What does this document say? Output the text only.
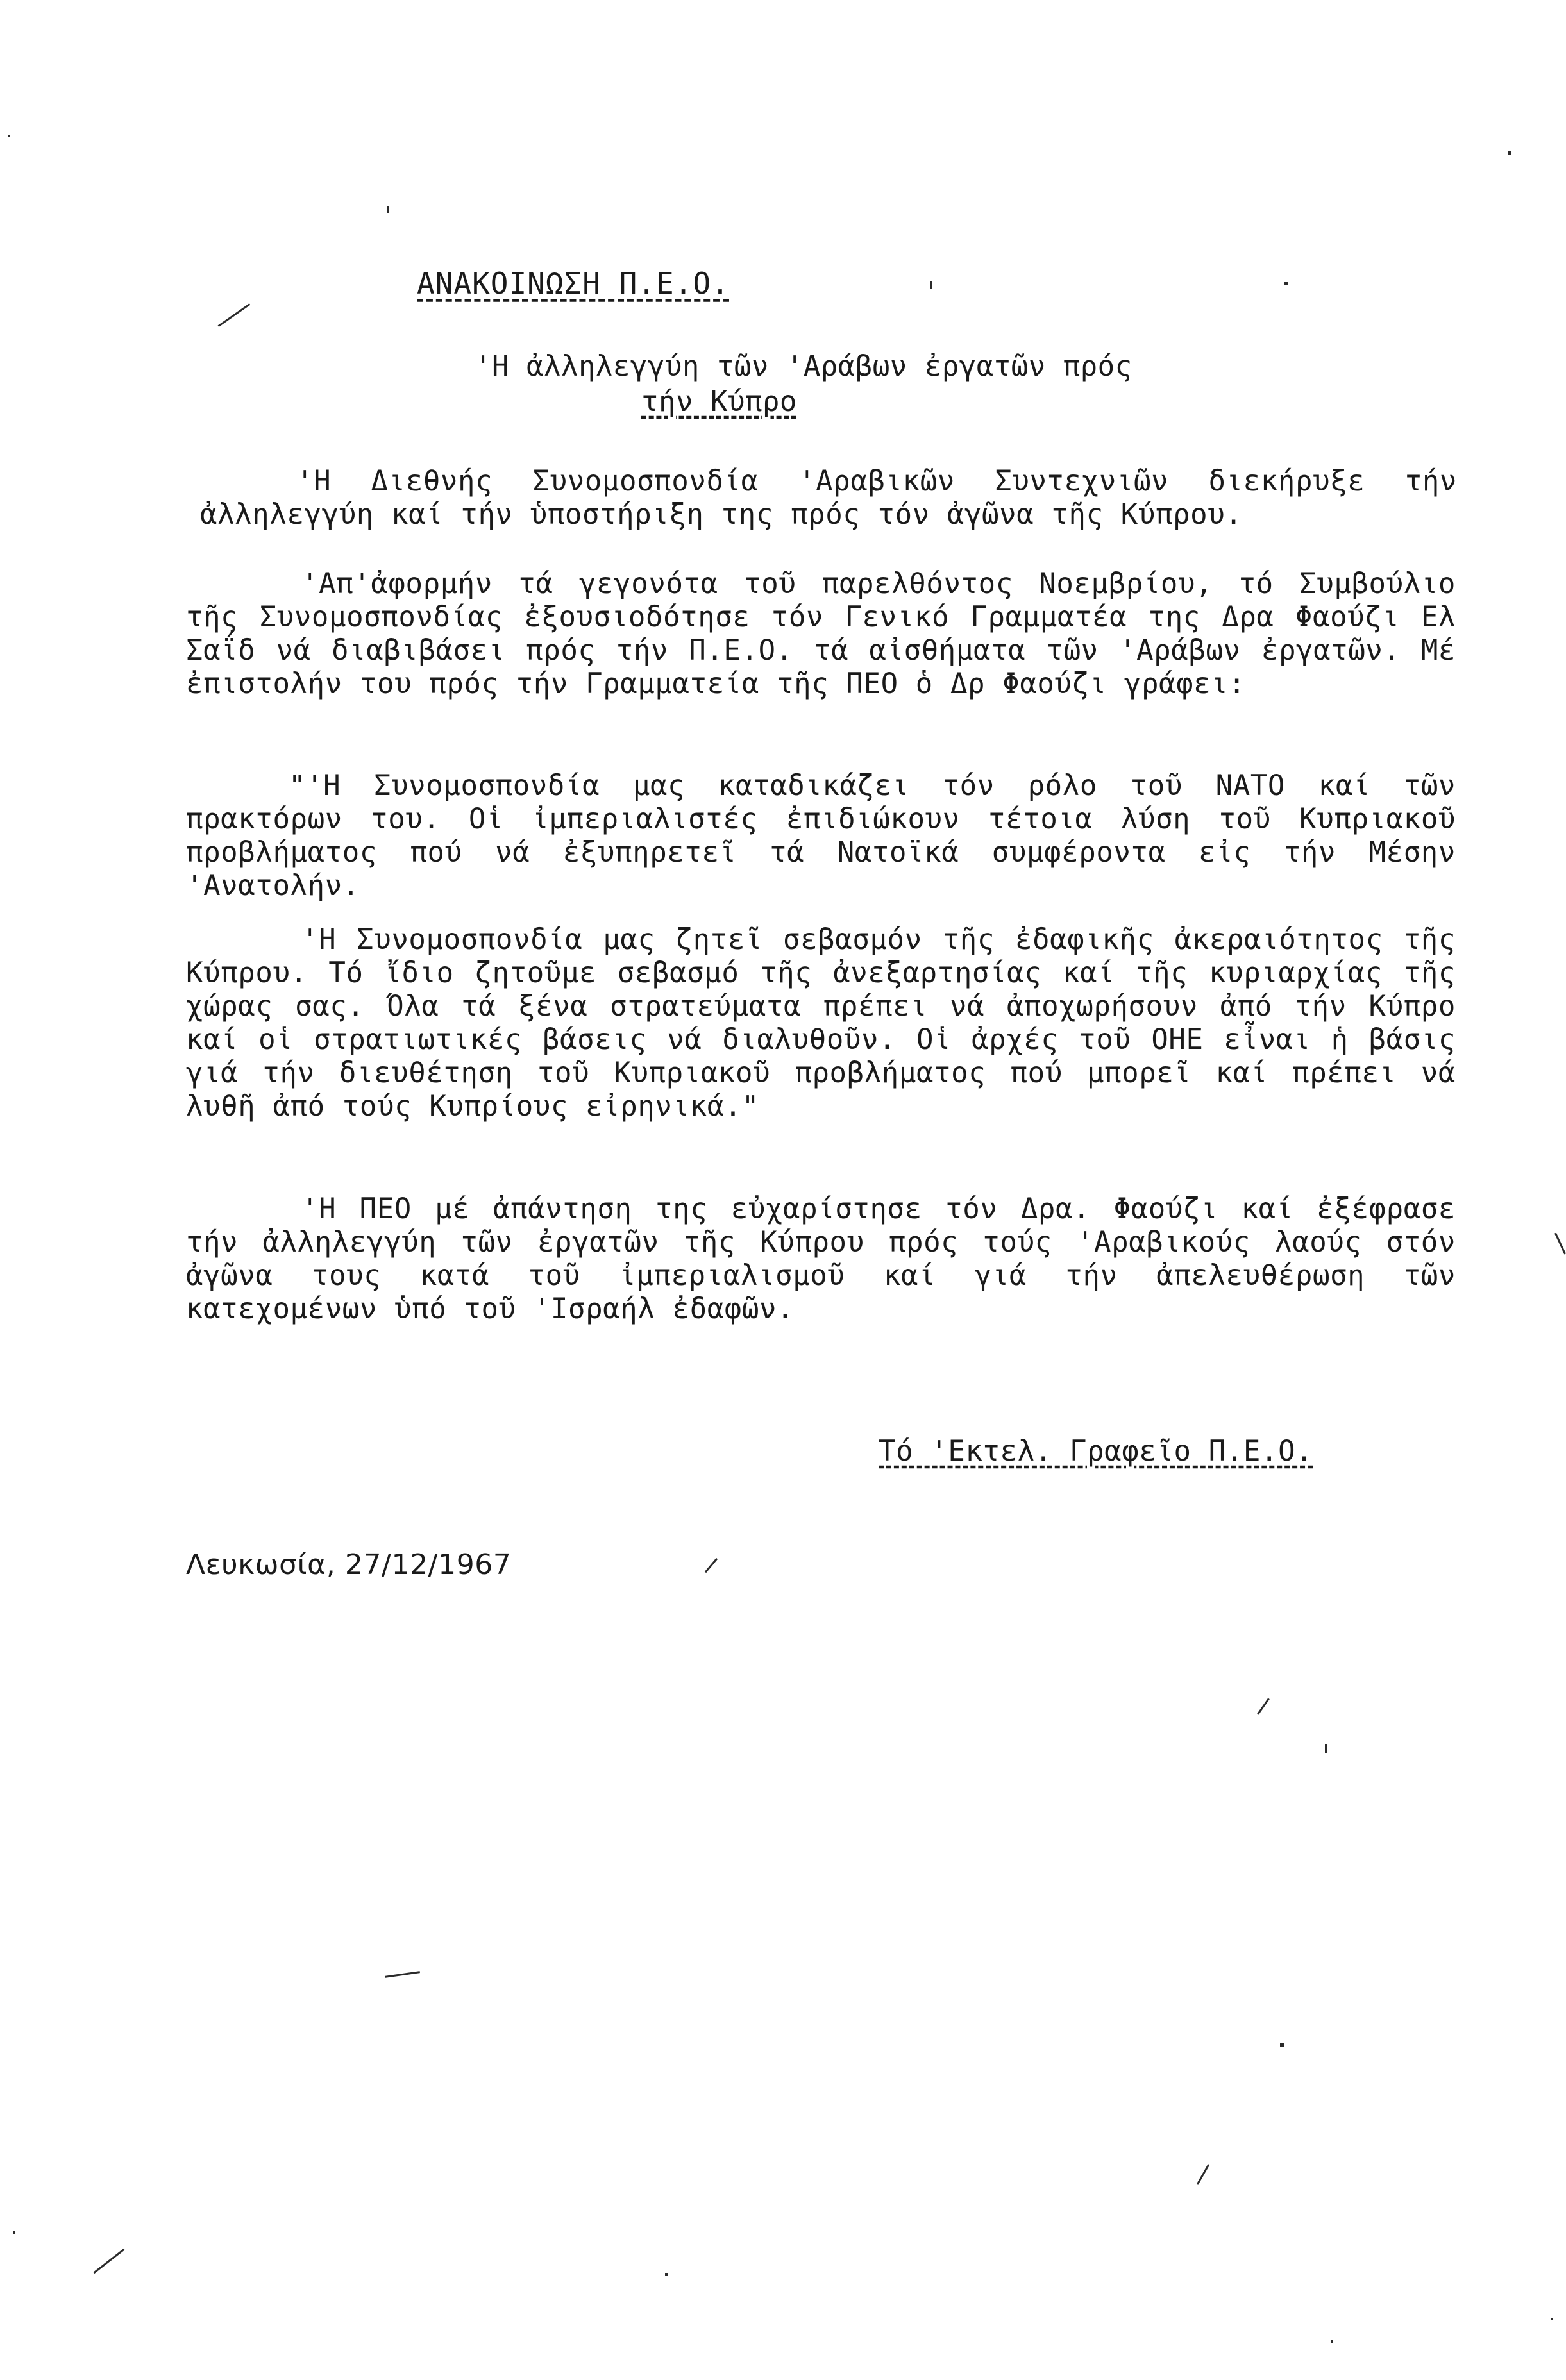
ΑΝΑΚΟΙΝΩΣΗ Π.Ε.Ο.
'Η ἀλληλεγγύη τῶν 'Αράβων ἐργατῶν πρός
τήν Κύπρο
'Η Διεθνής Συνομοσπονδία 'Αραβικῶν Συντεχνιῶν διεκήρυξε τήν ἀλληλεγγύη καί τήν ὑποστήριξη της πρός τόν ἀγῶνα τῆς Κύπρου.
'Απ'ἀφορμήν τά γεγονότα τοῦ παρελθόντος Νοεμβρίου, τό Συμβούλιο τῆς Συνομοσπονδίας ἐξουσιοδότησε τόν Γενικό Γραμματέα της Δρα Φαούζι Ελ Σαΐδ νά διαβιβάσει πρός τήν Π.Ε.Ο. τά αἰσθήματα τῶν 'Αράβων ἐργατῶν. Μέ ἐπιστολήν του πρός τήν Γραμματεία τῆς ΠΕΟ ὁ Δρ Φαούζι γράφει:
"'Η Συνομοσπονδία μας καταδικάζει τόν ρόλο τοῦ ΝΑΤΟ καί τῶν πρακτόρων του. Οἱ ἰμπεριαλιστές ἐπιδιώκουν τέτοια λύση τοῦ Κυπριακοῦ προβλήματος πού νά ἐξυπηρετεῖ τά Νατοϊκά συμφέροντα εἰς τήν Μέσην 'Ανατολήν.
'Η Συνομοσπονδία μας ζητεῖ σεβασμόν τῆς ἐδαφικῆς ἀκεραιότητος τῆς Κύπρου. Τό ἴδιο ζητοῦμε σεβασμό τῆς ἀνεξαρτησίας καί τῆς κυριαρχίας τῆς χώρας σας. Όλα τά ξένα στρατεύματα πρέπει νά ἀποχωρήσουν ἀπό τήν Κύπρο καί οἱ στρατιωτικές βάσεις νά διαλυθοῦν. Οἱ ἀρχές τοῦ ΟΗΕ εἶναι ἡ βάσις γιά τήν διευθέτηση τοῦ Κυπριακοῦ προβλήματος πού μπορεῖ καί πρέπει νά λυθῆ ἀπό τούς Κυπρίους εἰρηνικά."
'Η ΠΕΟ μέ ἀπάντηση της εὐχαρίστησε τόν Δρα. Φαούζι καί ἐξέφρασε τήν ἀλληλεγγύη τῶν ἐργατῶν τῆς Κύπρου πρός τούς 'Αραβικούς λαούς στόν ἀγῶνα τους κατά τοῦ ἰμπεριαλισμοῦ καί γιά τήν ἀπελευθέρωση τῶν κατεχομένων ὑπό τοῦ 'Ισραήλ ἐδαφῶν.
Τό 'Εκτελ. Γραφεῖο Π.Ε.Ο.
Λευκωσία, 27/12/1967
